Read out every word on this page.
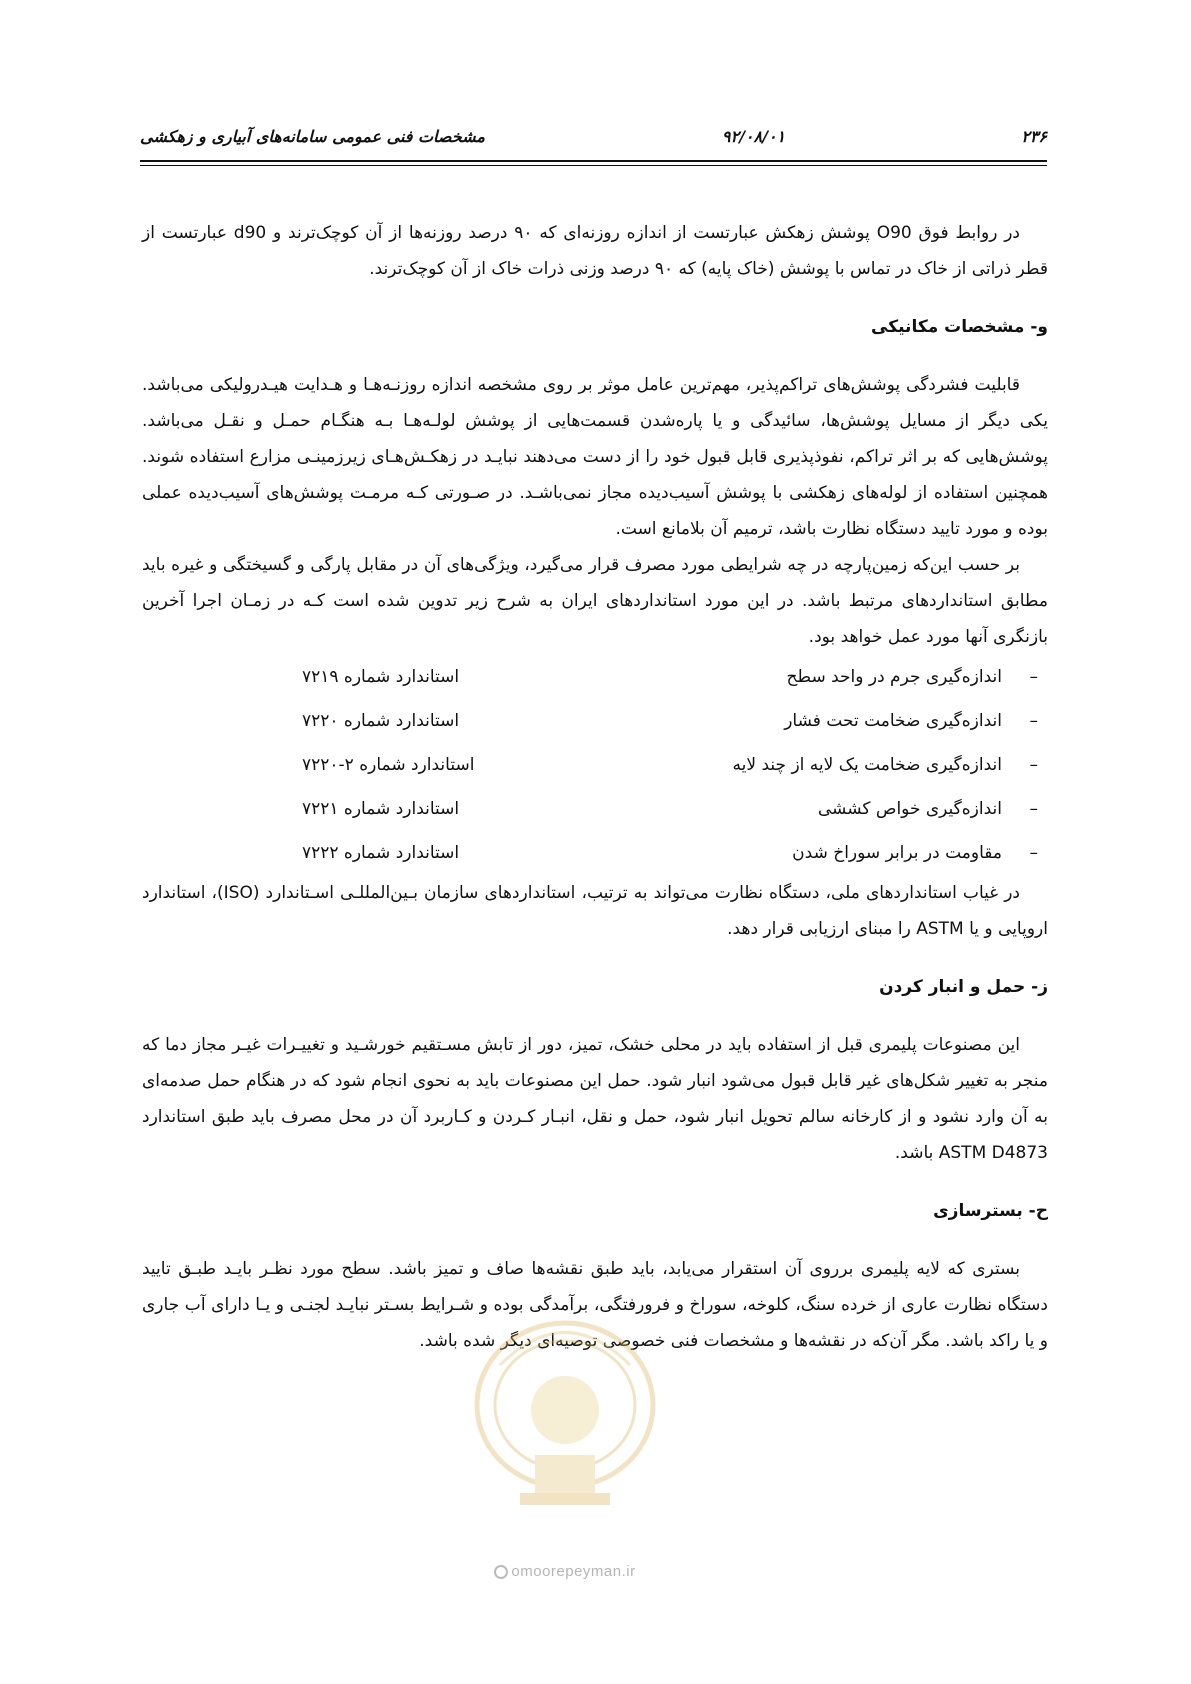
۲۳۶
۹۲/۰۸/۰۱
مشخصات فنی عمومی سامانه‌های آبیاری و زهکشی

در روابط فوق O90 پوشش زهکش عبارتست از اندازه روزنه‌ای که ۹۰ درصد روزنه‌ها از آن کوچک‌ترند و d90 عبارتست از قطر ذراتی از خاک در تماس با پوشش (خاک پایه) که ۹۰ درصد وزنی ذرات خاک از آن کوچک‌ترند.

و- مشخصات مکانیکی

قابلیت فشردگی پوشش‌های تراکم‌پذیر، مهم‌ترین عامل موثر بر روی مشخصه اندازه روزنـه‌هـا و هـدایت هیـدرولیکی می‌باشد. یکی دیگر از مسایل پوشش‌ها، سائیدگی و یا پاره‌شدن قسمت‌هایی از پوشش لولـه‌هـا بـه هنگـام حمـل و نقـل می‌باشد. پوشش‌هایی که بر اثر تراکم، نفوذپذیری قابل قبول خود را از دست می‌دهند نبایـد در زهکـش‌هـای زیرزمینـی مزارع استفاده شوند. همچنین استفاده از لوله‌های زهکشی با پوشش آسیب‌دیده مجاز نمی‌باشـد. در صـورتی کـه مرمـت پوشش‌های آسیب‌دیده عملی بوده و مورد تایید دستگاه نظارت باشد، ترمیم آن بلامانع است.

بر حسب این‌که زمین‌پارچه در چه شرایطی مورد مصرف قرار می‌گیرد، ویژگی‌های آن در مقابل پارگی و گسیختگی و غیره باید مطابق استانداردهای مرتبط باشد. در این مورد استانداردهای ایران به شرح زیر تدوین شده است کـه در زمـان اجرا آخرین بازنگری آنها مورد عمل خواهد بود.

–
اندازه‌گیری جرم در واحد سطح
استاندارد شماره ۷۲۱۹
–
اندازه‌گیری ضخامت تحت فشار
استاندارد شماره ۷۲۲۰
–
اندازه‌گیری ضخامت یک لایه از چند لایه
استاندارد شماره ۲-۷۲۲۰
–
اندازه‌گیری خواص کششی
استاندارد شماره ۷۲۲۱
–
مقاومت در برابر سوراخ شدن
استاندارد شماره ۷۲۲۲

در غیاب استانداردهای ملی، دستگاه نظارت می‌تواند به ترتیب، استانداردهای سازمان بـین‌المللـی اسـتاندارد (ISO)، استاندارد اروپایی و یا ASTM را مبنای ارزیابی قرار دهد.

ز- حمل و انبار کردن

این مصنوعات پلیمری قبل از استفاده باید در محلی خشک، تمیز، دور از تابش مسـتقیم خورشـید و تغییـرات غیـر مجاز دما که منجر به تغییر شکل‌های غیر قابل قبول می‌شود انبار شود. حمل این مصنوعات باید به نحوی انجام شود که در هنگام حمل صدمه‌ای به آن وارد نشود و از کارخانه سالم تحویل انبار شود، حمل و نقل، انبـار کـردن و کـاربرد آن در محل مصرف باید طبق استاندارد ASTM D4873 باشد.

ح- بسترسازی

بستری که لایه پلیمری برروی آن استقرار می‌یابد، باید طبق نقشه‌ها صاف و تمیز باشد. سطح مورد نظـر بایـد طبـق تایید دستگاه نظارت عاری از خرده سنگ، کلوخه، سوراخ و فرورفتگی، برآمدگی بوده و شـرایط بسـتر نبایـد لجنـی و یـا دارای آب جاری و یا راکد باشد. مگر آن‌که در نقشه‌ها و مشخصات فنی خصوصی توصیه‌ای دیگر شده باشد.

omoorepeyman.ir
